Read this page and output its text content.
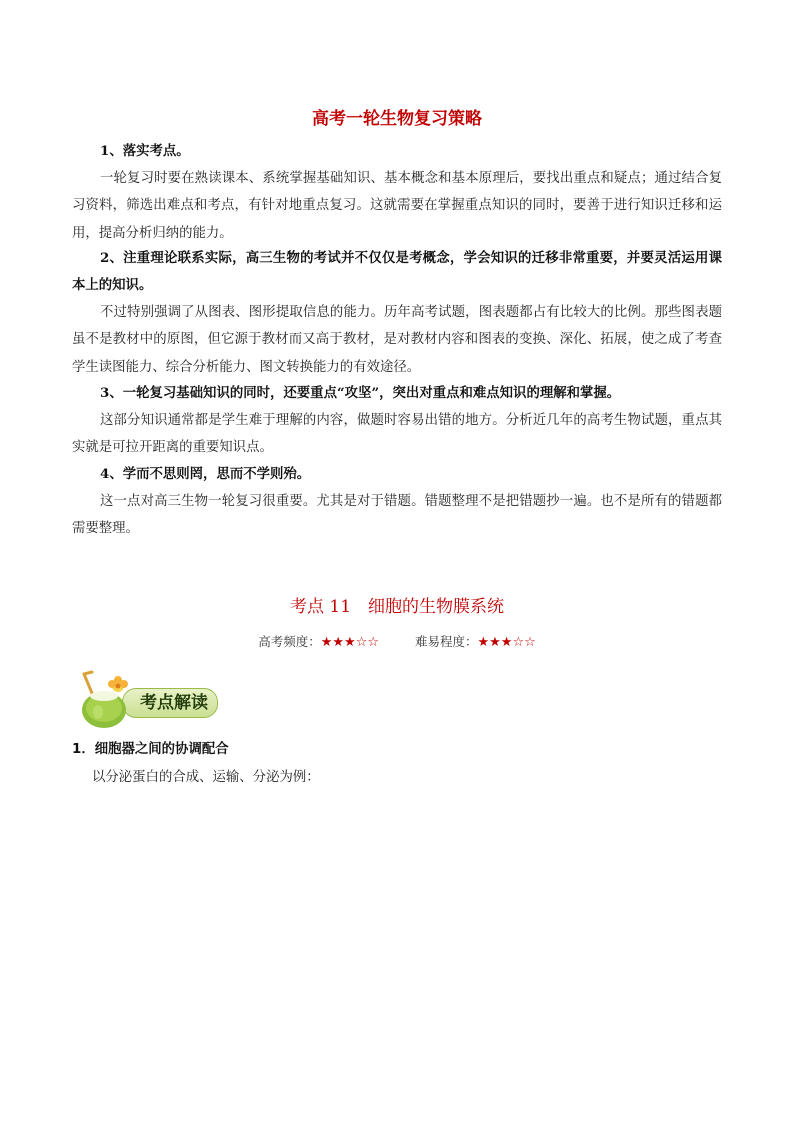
高考一轮生物复习策略
1、落实考点。
一轮复习时要在熟读课本、系统掌握基础知识、基本概念和基本原理后，要找出重点和疑点；通过结合复习资料，筛选出难点和考点，有针对地重点复习。这就需要在掌握重点知识的同时，要善于进行知识迁移和运用，提高分析归纳的能力。
2、注重理论联系实际，高三生物的考试并不仅仅是考概念，学会知识的迁移非常重要，并要灵活运用课本上的知识。
不过特别强调了从图表、图形提取信息的能力。历年高考试题，图表题都占有比较大的比例。那些图表题虽不是教材中的原图，但它源于教材而又高于教材，是对教材内容和图表的变换、深化、拓展，使之成了考查学生读图能力、综合分析能力、图文转换能力的有效途径。
3、一轮复习基础知识的同时，还要重点“攻坚”，突出对重点和难点知识的理解和掌握。
这部分知识通常都是学生难于理解的内容，做题时容易出错的地方。分析近几年的高考生物试题，重点其实就是可拉开距离的重要知识点。
4、学而不思则罔，思而不学则殆。
这一点对高三生物一轮复习很重要。尤其是对于错题。错题整理不是把错题抄一遍。也不是所有的错题都需要整理。
考点 11　细胞的生物膜系统
高考频度：★★★☆☆	难易程度：★★★☆☆
考点解读
1．细胞器之间的协调配合
以分泌蛋白的合成、运输、分泌为例：
